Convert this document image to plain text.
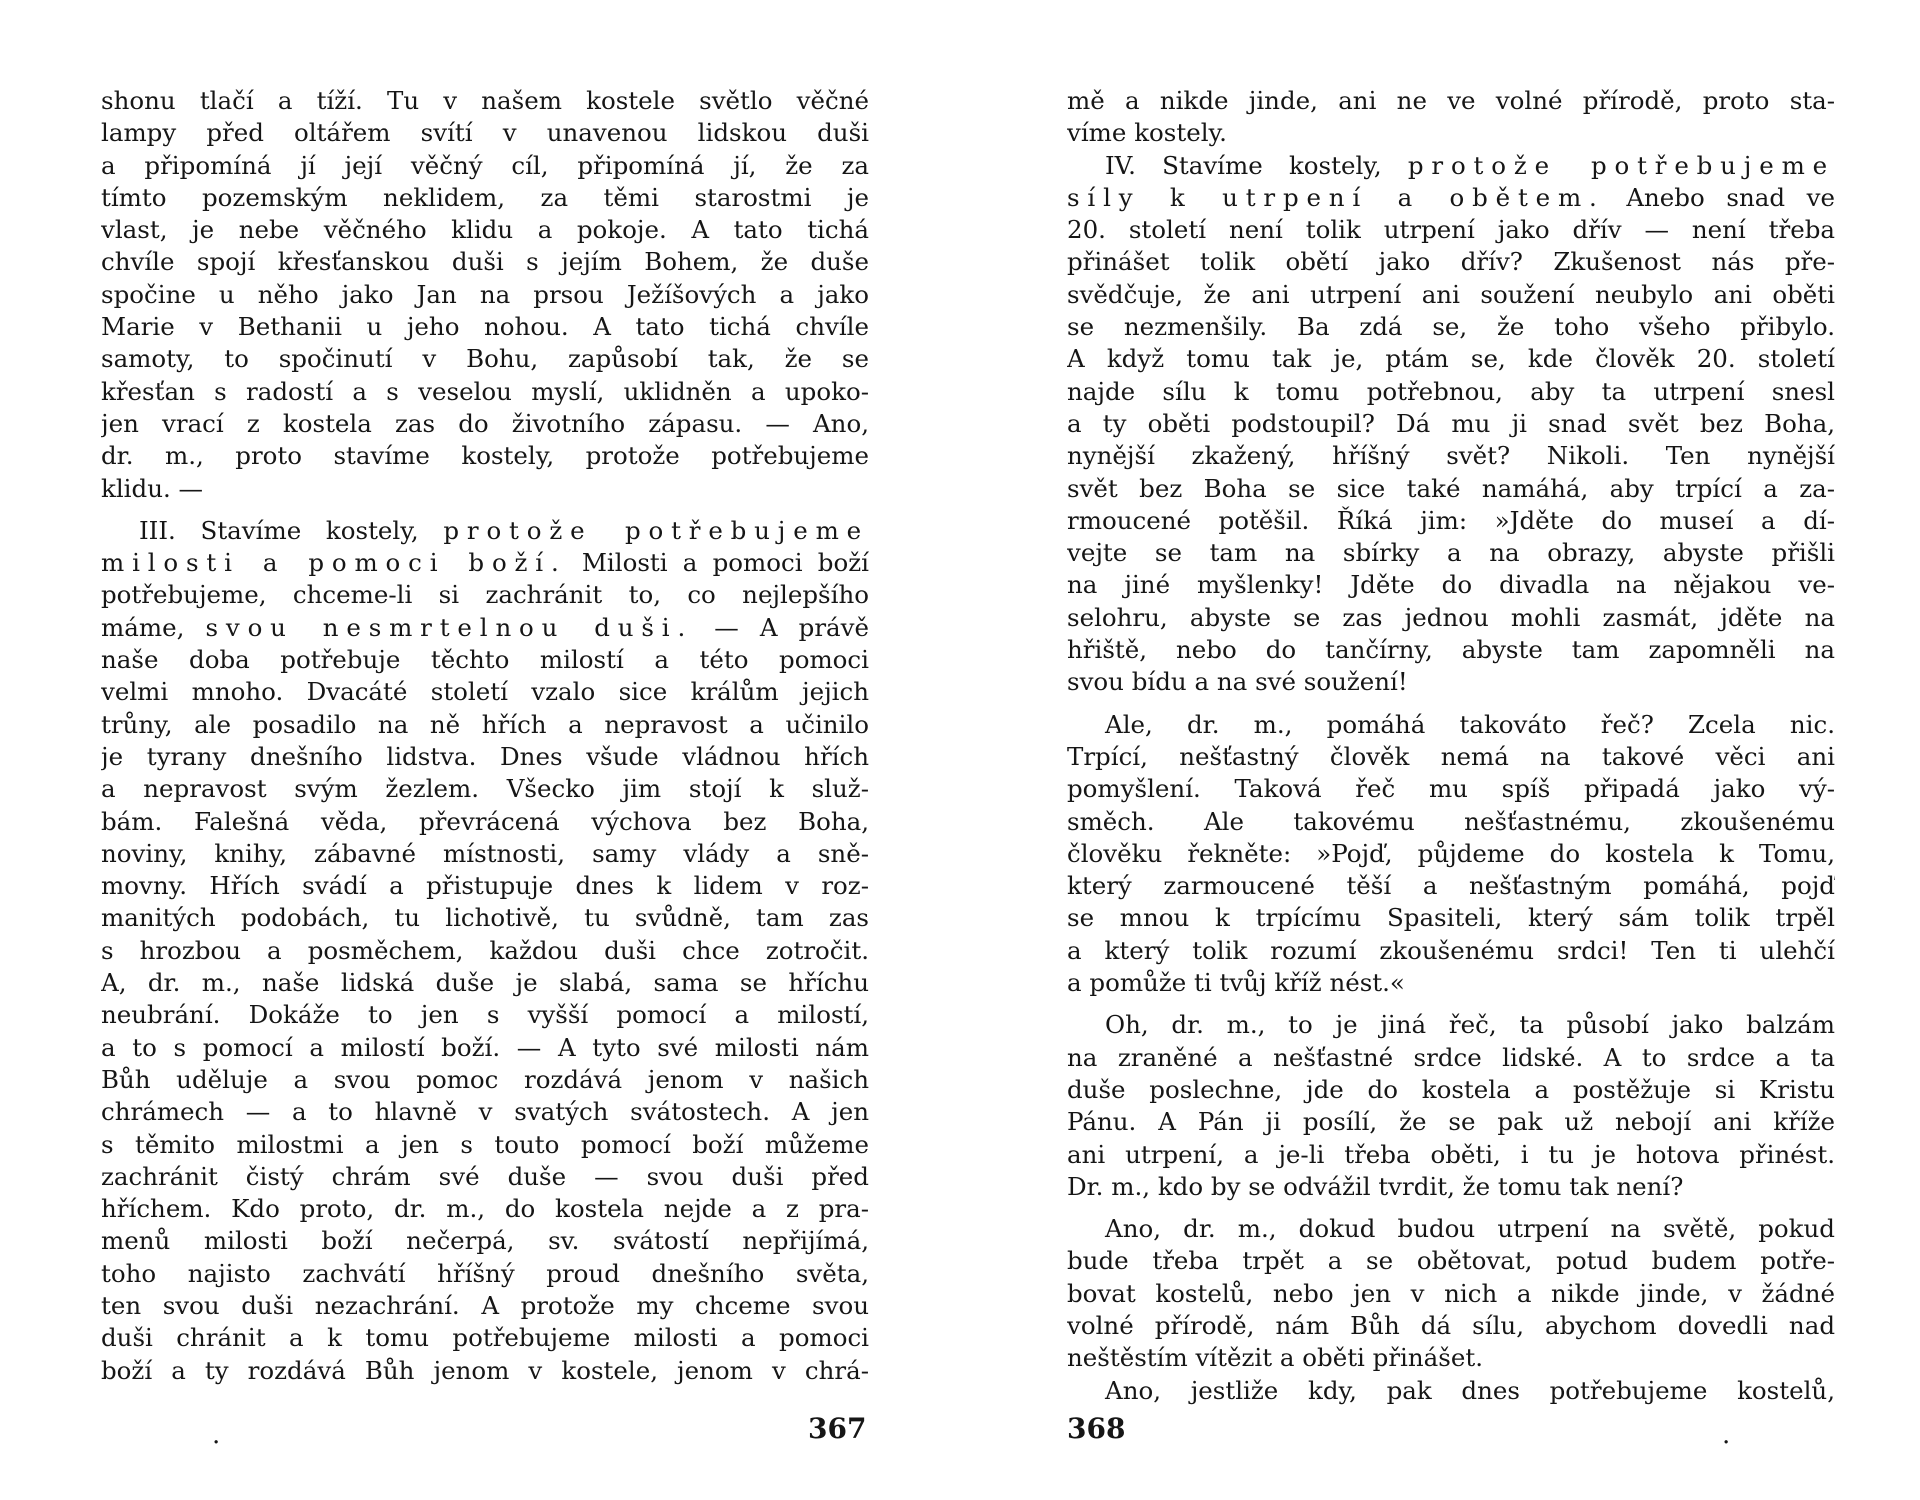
shonu tlačí a tíží. Tu v našem kostele světlo věčné
lampy před oltářem svítí v unavenou lidskou duši
a připomíná jí její věčný cíl, připomíná jí, že za
tímto pozemským neklidem, za těmi starostmi je
vlast, je nebe věčného klidu a pokoje. A tato tichá
chvíle spojí křesťanskou duši s jejím Bohem, že duše
spočine u něho jako Jan na prsou Ježíšových a jako
Marie v Bethanii u jeho nohou. A tato tichá chvíle
samoty, to spočinutí v Bohu, zapůsobí tak, že se
křesťan s radostí a s veselou myslí, uklidněn a upoko-
jen vrací z kostela zas do životního zápasu. — Ano,
dr. m., proto stavíme kostely, protože potřebujeme
klidu. —
III. Stavíme kostely, protože potřebujeme
milosti a pomoci boží. Milosti a pomoci boží
potřebujeme, chceme-li si zachránit to, co nejlepšího
máme, svou nesmrtelnou duši. — A právě
naše doba potřebuje těchto milostí a této pomoci
velmi mnoho. Dvacáté století vzalo sice králům jejich
trůny, ale posadilo na ně hřích a nepravost a učinilo
je tyrany dnešního lidstva. Dnes všude vládnou hřích
a nepravost svým žezlem. Všecko jim stojí k služ-
bám. Falešná věda, převrácená výchova bez Boha,
noviny, knihy, zábavné místnosti, samy vlády a sně-
movny. Hřích svádí a přistupuje dnes k lidem v roz-
manitých podobách, tu lichotivě, tu svůdně, tam zas
s hrozbou a posměchem, každou duši chce zotročit.
A, dr. m., naše lidská duše je slabá, sama se hříchu
neubrání. Dokáže to jen s vyšší pomocí a milostí,
a to s pomocí a milostí boží. — A tyto své milosti nám
Bůh uděluje a svou pomoc rozdává jenom v našich
chrámech — a to hlavně v svatých svátostech. A jen
s těmito milostmi a jen s touto pomocí boží můžeme
zachránit čistý chrám své duše — svou duši před
hříchem. Kdo proto, dr. m., do kostela nejde a z pra-
menů milosti boží nečerpá, sv. svátostí nepřijímá,
toho najisto zachvátí hříšný proud dnešního světa,
ten svou duši nezachrání. A protože my chceme svou
duši chránit a k tomu potřebujeme milosti a pomoci
boží a ty rozdává Bůh jenom v kostele, jenom v chrá-
.	367
mě a nikde jinde, ani ne ve volné přírodě, proto sta-
víme kostely.
IV. Stavíme kostely, protože potřebujeme
síly k utrpení a obětem. Anebo snad ve
20. století není tolik utrpení jako dřív — není třeba
přinášet tolik obětí jako dřív? Zkušenost nás pře-
svědčuje, že ani utrpení ani soužení neubylo ani oběti
se nezmenšily. Ba zdá se, že toho všeho přibylo.
A když tomu tak je, ptám se, kde člověk 20. století
najde sílu k tomu potřebnou, aby ta utrpení snesl
a ty oběti podstoupil? Dá mu ji snad svět bez Boha,
nynější zkažený, hříšný svět? Nikoli. Ten nynější
svět bez Boha se sice také namáhá, aby trpící a za-
rmoucené potěšil. Říká jim: »Jděte do museí a dí-
vejte se tam na sbírky a na obrazy, abyste přišli
na jiné myšlenky! Jděte do divadla na nějakou ve-
selohru, abyste se zas jednou mohli zasmát, jděte na
hřiště, nebo do tančírny, abyste tam zapomněli na
svou bídu a na své soužení!
Ale, dr. m., pomáhá takováto řeč? Zcela nic.
Trpící, nešťastný člověk nemá na takové věci ani
pomyšlení. Taková řeč mu spíš připadá jako vý-
směch. Ale takovému nešťastnému, zkoušenému
člověku řekněte: »Pojď, půjdeme do kostela k Tomu,
který zarmoucené těší a nešťastným pomáhá, pojď
se mnou k trpícímu Spasiteli, který sám tolik trpěl
a který tolik rozumí zkoušenému srdci! Ten ti ulehčí
a pomůže ti tvůj kříž nést.«
Oh, dr. m., to je jiná řeč, ta působí jako balzám
na zraněné a nešťastné srdce lidské. A to srdce a ta
duše poslechne, jde do kostela a postěžuje si Kristu
Pánu. A Pán ji posílí, že se pak už nebojí ani kříže
ani utrpení, a je-li třeba oběti, i tu je hotova přinést.
Dr. m., kdo by se odvážil tvrdit, že tomu tak není?
Ano, dr. m., dokud budou utrpení na světě, pokud
bude třeba trpět a se obětovat, potud budem potře-
bovat kostelů, nebo jen v nich a nikde jinde, v žádné
volné přírodě, nám Bůh dá sílu, abychom dovedli nad
neštěstím vítězit a oběti přinášet.
Ano, jestliže kdy, pak dnes potřebujeme kostelů,
368	.
